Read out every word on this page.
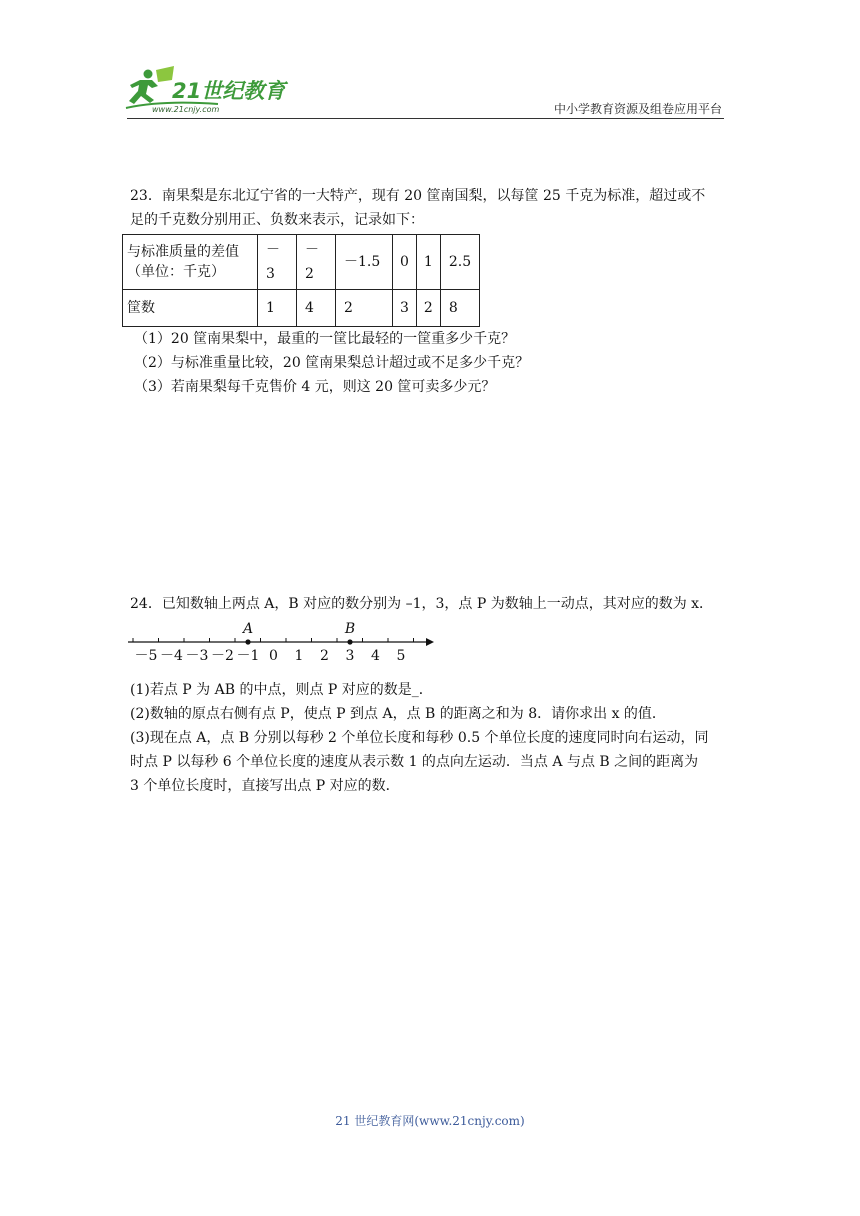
21世纪教育
www.21cnjy.com	中小学教育资源及组卷应用平台

23．南果梨是东北辽宁省的一大特产，现有 20 筐南国梨，以每筐 25 千克为标准，超过或不

足的千克数分别用正、负数来表示，记录如下：

与标准质量的差值
（单位：千克）	－3	－2	－1.5	0	1	2.5
筐数	1	4	2	3	2	8

（1）20 筐南果梨中，最重的一筐比最轻的一筐重多少千克？

（2）与标准重量比较，20 筐南果梨总计超过或不足多少千克？

（3）若南果梨每千克售价 4 元，则这 20 筐可卖多少元？

24．已知数轴上两点 A，B 对应的数分别为 –1，3，点 P 为数轴上一动点，其对应的数为 x．

－5 －4 －3 －2 －1 0 1 2 3 4 5
A	B

(1)若点 P 为 AB 的中点，则点 P 对应的数是_．

(2)数轴的原点右侧有点 P，使点 P 到点 A，点 B 的距离之和为 8．请你求出 x 的值．

(3)现在点 A，点 B 分别以每秒 2 个单位长度和每秒 0.5 个单位长度的速度同时向右运动，同

时点 P 以每秒 6 个单位长度的速度从表示数 1 的点向左运动．当点 A 与点 B 之间的距离为

3 个单位长度时，直接写出点 P 对应的数．

21 世纪教育网(www.21cnjy.com)
